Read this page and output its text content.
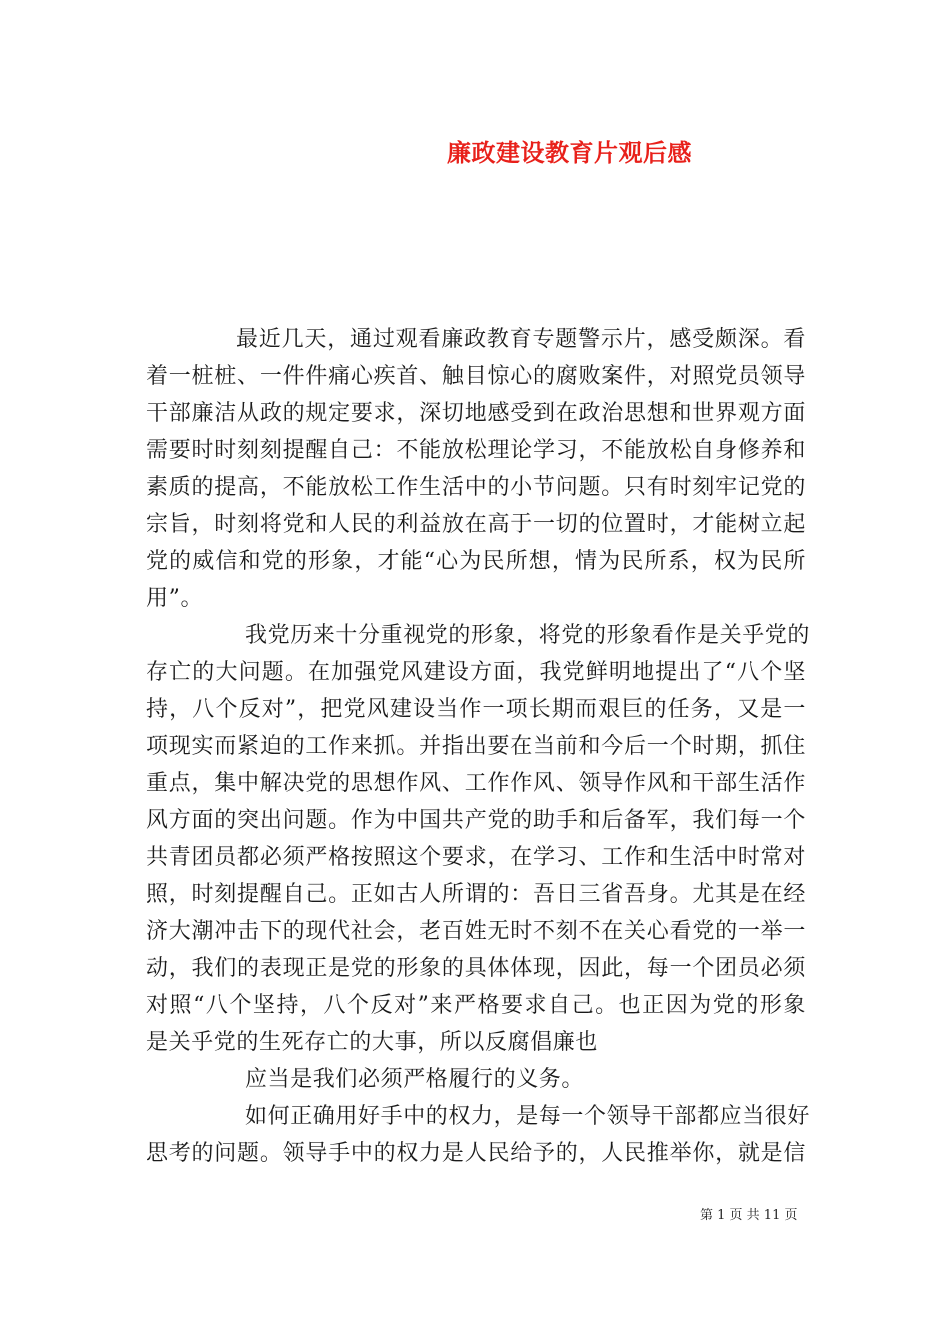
廉政建设教育片观后感
最近几天，通过观看廉政教育专题警示片，感受颇深。看
着一桩桩、一件件痛心疾首、触目惊心的腐败案件，对照党员领导
干部廉洁从政的规定要求，深切地感受到在政治思想和世界观方面
需要时时刻刻提醒自己：不能放松理论学习，不能放松自身修养和
素质的提高，不能放松工作生活中的小节问题。只有时刻牢记党的
宗旨，时刻将党和人民的利益放在高于一切的位置时，才能树立起
党的威信和党的形象，才能“心为民所想，情为民所系，权为民所
用”。
我党历来十分重视党的形象，将党的形象看作是关乎党的
存亡的大问题。在加强党风建设方面，我党鲜明地提出了“八个坚
持，八个反对”，把党风建设当作一项长期而艰巨的任务，又是一
项现实而紧迫的工作来抓。并指出要在当前和今后一个时期，抓住
重点，集中解决党的思想作风、工作作风、领导作风和干部生活作
风方面的突出问题。作为中国共产党的助手和后备军，我们每一个
共青团员都必须严格按照这个要求，在学习、工作和生活中时常对
照，时刻提醒自己。正如古人所谓的：吾日三省吾身。尤其是在经
济大潮冲击下的现代社会，老百姓无时不刻不在关心看党的一举一
动，我们的表现正是党的形象的具体体现，因此，每一个团员必须
对照“八个坚持，八个反对”来严格要求自己。也正因为党的形象
是关乎党的生死存亡的大事，所以反腐倡廉也
应当是我们必须严格履行的义务。
如何正确用好手中的权力，是每一个领导干部都应当很好
思考的问题。领导手中的权力是人民给予的，人民推举你，就是信
第 1 页 共 11 页
